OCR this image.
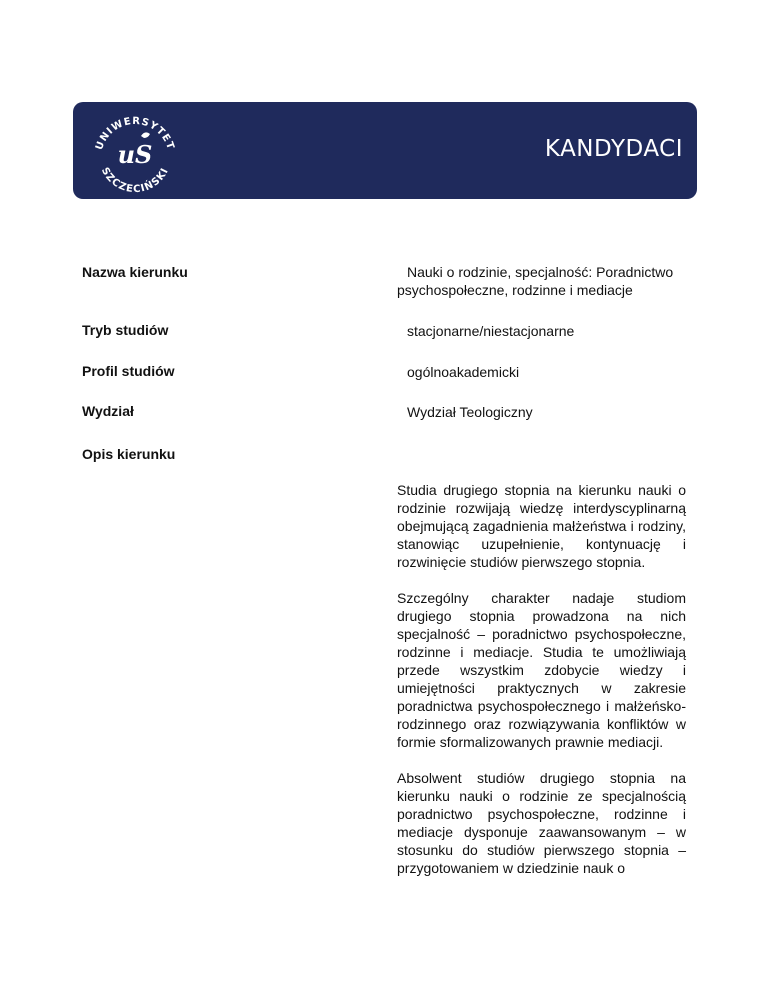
UNIWERSYTET
SZCZECIŃSKI
uS	KANDYDACI
Nazwa kierunku	Nauki o rodzinie, specjalność: Poradnictwo psychospołeczne, rodzinne i mediacje
Tryb studiów	stacjonarne/niestacjonarne
Profil studiów	ogólnoakademicki
Wydział	Wydział Teologiczny
Opis kierunku

Studia drugiego stopnia na kierunku nauki o rodzinie rozwijają wiedzę interdyscyplinarną obejmującą zagadnienia małżeństwa i rodziny, stanowiąc uzupełnienie, kontynuację i rozwinięcie studiów pierwszego stopnia.

Szczególny charakter nadaje studiom drugiego stopnia prowadzona na nich specjalność – poradnictwo psychospołeczne, rodzinne i mediacje. Studia te umożliwiają przede wszystkim zdobycie wiedzy i umiejętności praktycznych w zakresie poradnictwa psychospołecznego i małżeńsko-rodzinnego oraz rozwiązywania konfliktów w formie sformalizowanych prawnie mediacji.

Absolwent studiów drugiego stopnia na kierunku nauki o rodzinie ze specjalnością poradnictwo psychospołeczne, rodzinne i mediacje dysponuje zaawansowanym – w stosunku do studiów pierwszego stopnia – przygotowaniem w dziedzinie nauk o
